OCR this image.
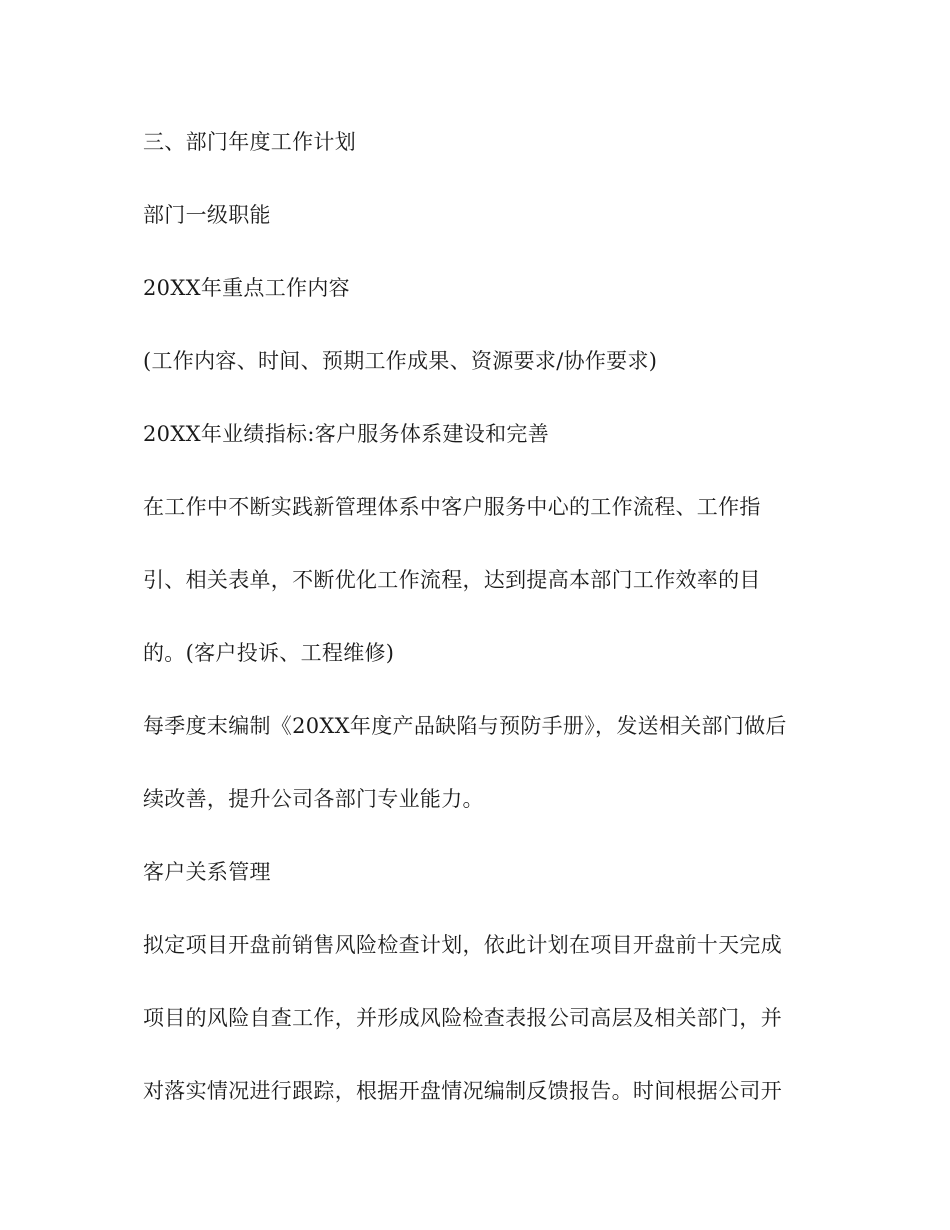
三、部门年度工作计划
部门一级职能
20XX年重点工作内容
(工作内容、时间、预期工作成果、资源要求/协作要求)
20XX年业绩指标:客户服务体系建设和完善
在工作中不断实践新管理体系中客户服务中心的工作流程、工作指
引、相关表单，不断优化工作流程，达到提高本部门工作效率的目
的。(客户投诉、工程维修)
每季度末编制《20XX年度产品缺陷与预防手册》，发送相关部门做后
续改善，提升公司各部门专业能力。
客户关系管理
拟定项目开盘前销售风险检查计划，依此计划在项目开盘前十天完成
项目的风险自查工作，并形成风险检查表报公司高层及相关部门，并
对落实情况进行跟踪，根据开盘情况编制反馈报告。时间根据公司开
